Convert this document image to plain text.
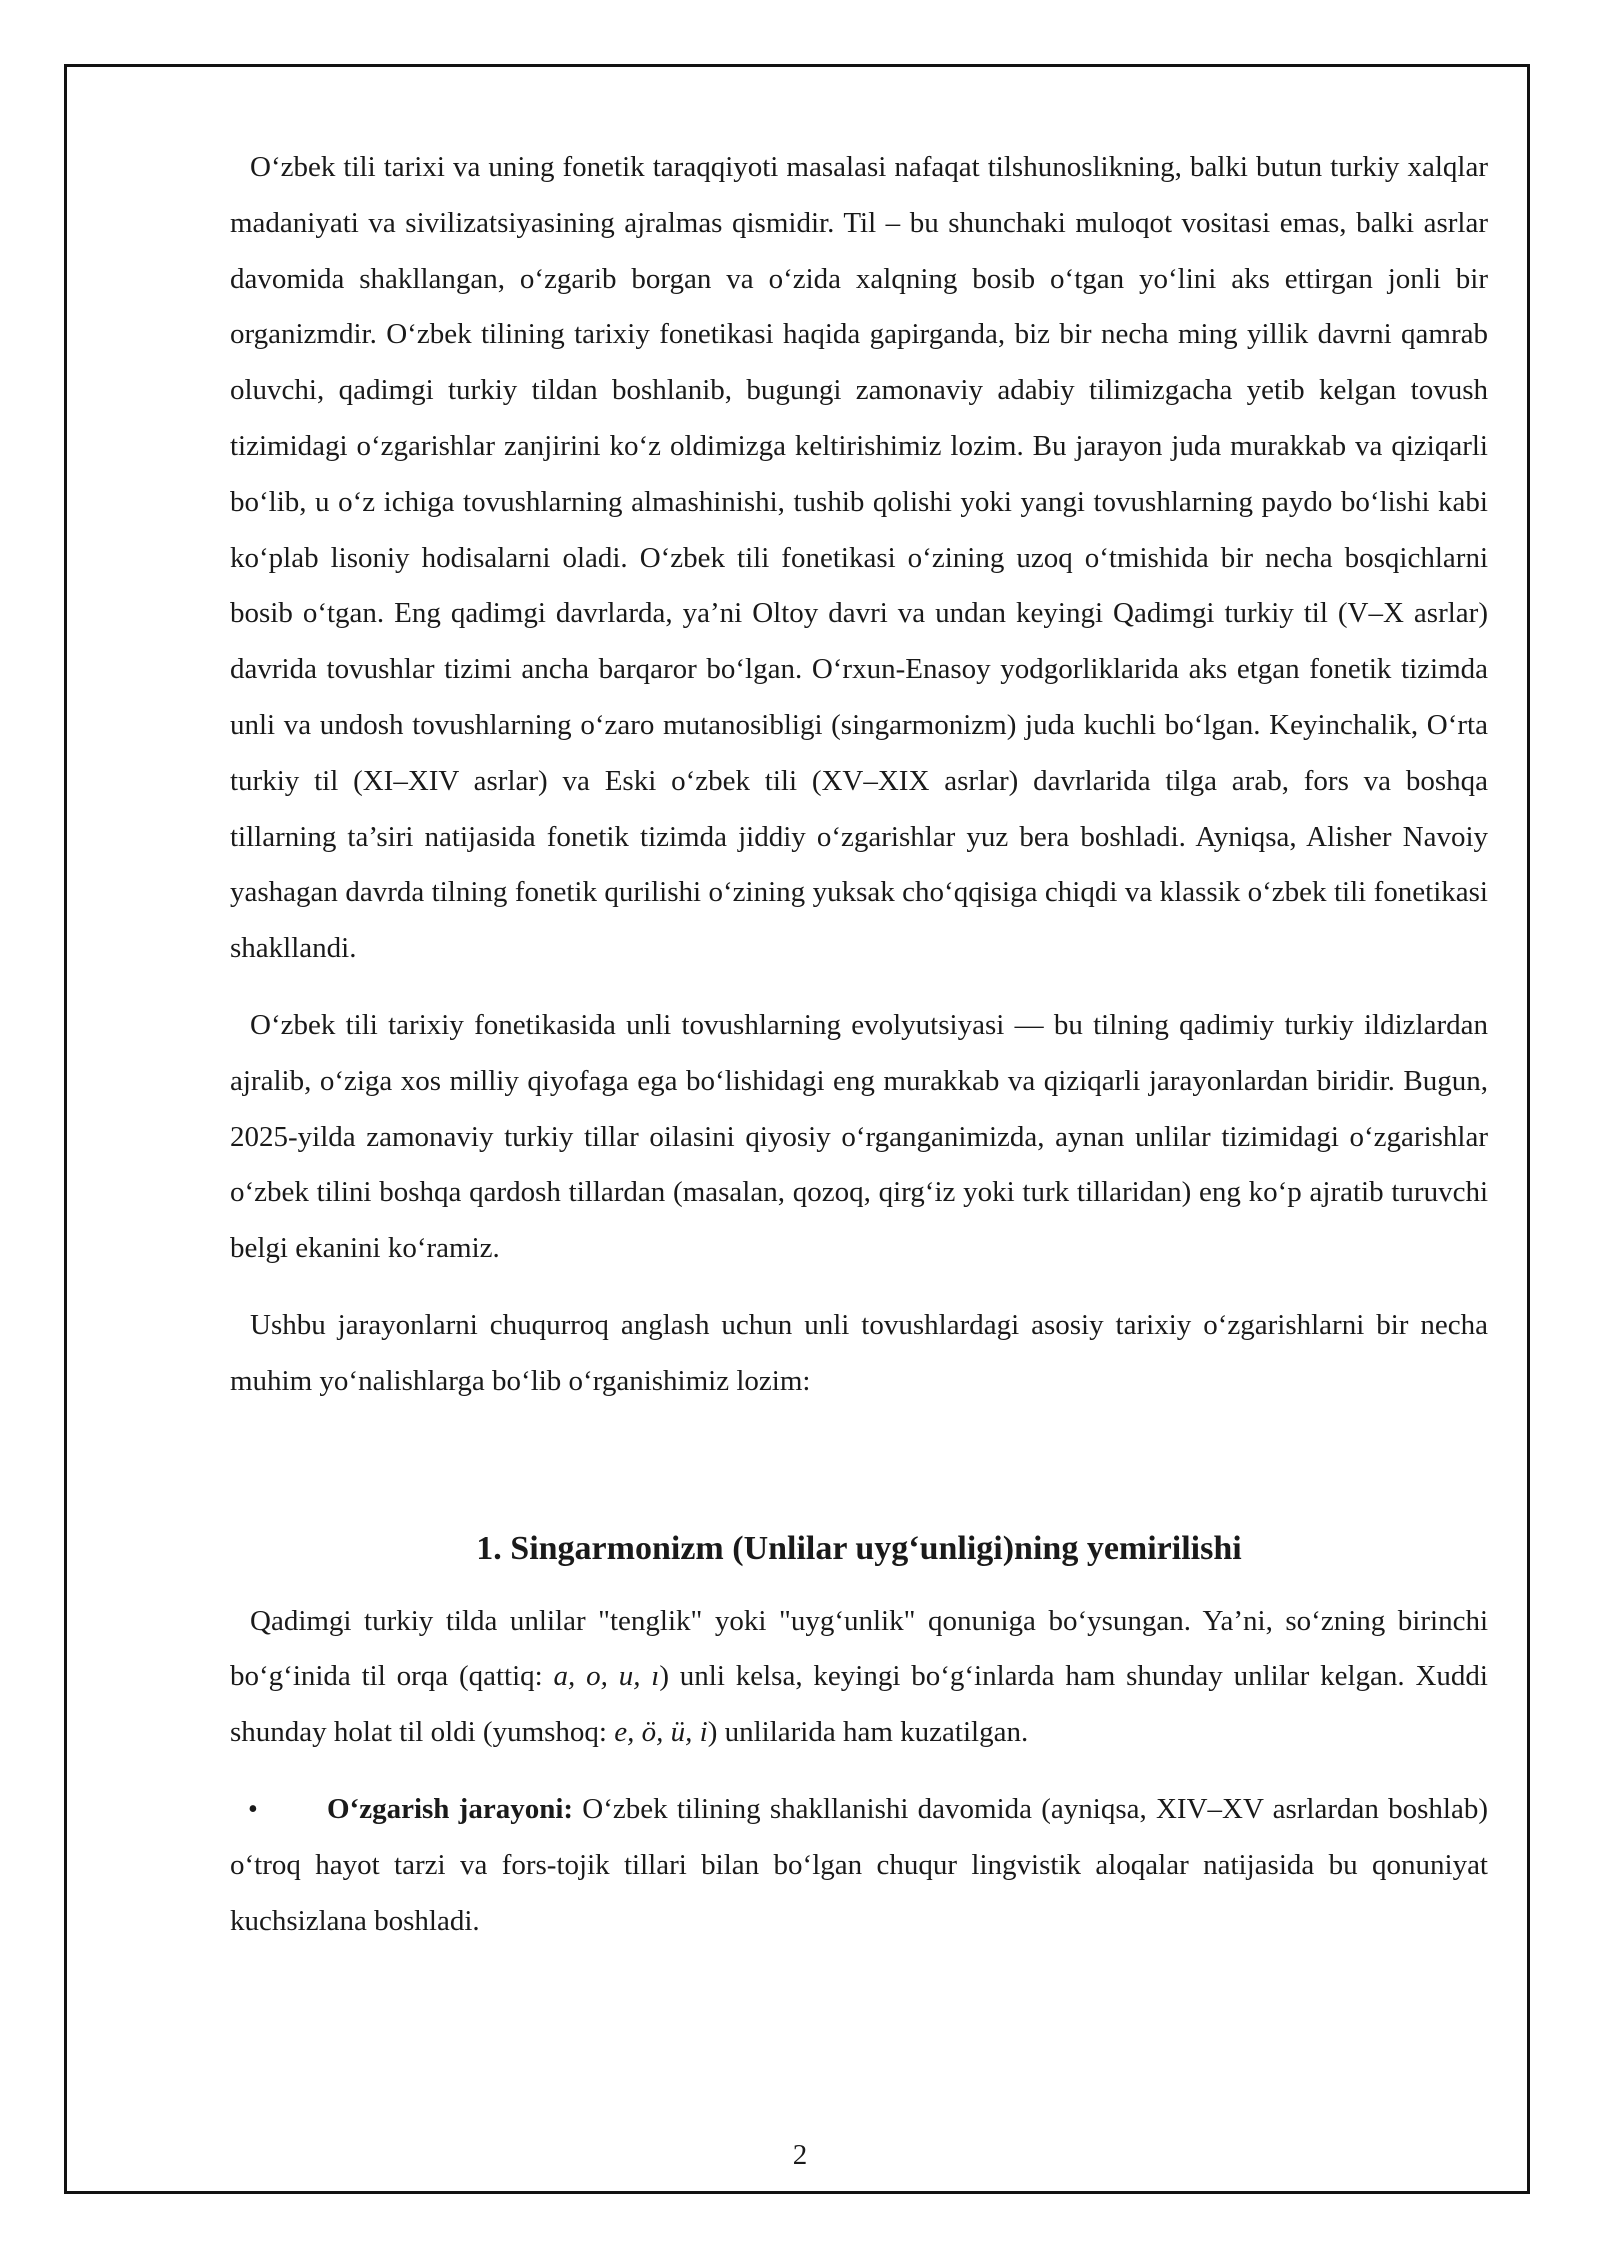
O‘zbek tili tarixi va uning fonetik taraqqiyoti masalasi nafaqat tilshunoslikning, balki butun turkiy xalqlar madaniyati va sivilizatsiyasining ajralmas qismidir. Til – bu shunchaki muloqot vositasi emas, balki asrlar davomida shakllangan, o‘zgarib borgan va o‘zida xalqning bosib o‘tgan yo‘lini aks ettirgan jonli bir organizmdir. O‘zbek tilining tarixiy fonetikasi haqida gapirganda, biz bir necha ming yillik davrni qamrab oluvchi, qadimgi turkiy tildan boshlanib, bugungi zamonaviy adabiy tilimizgacha yetib kelgan tovush tizimidagi o‘zgarishlar zanjirini ko‘z oldimizga keltirishimiz lozim. Bu jarayon juda murakkab va qiziqarli bo‘lib, u o‘z ichiga tovushlarning almashinishi, tushib qolishi yoki yangi tovushlarning paydo bo‘lishi kabi ko‘plab lisoniy hodisalarni oladi. O‘zbek tili fonetikasi o‘zining uzoq o‘tmishida bir necha bosqichlarni bosib o‘tgan. Eng qadimgi davrlarda, ya’ni Oltoy davri va undan keyingi Qadimgi turkiy til (V–X asrlar) davrida tovushlar tizimi ancha barqaror bo‘lgan. O‘rxun-Enasoy yodgorliklarida aks etgan fonetik tizimda unli va undosh tovushlarning o‘zaro mutanosibligi (singarmonizm) juda kuchli bo‘lgan. Keyinchalik, O‘rta turkiy til (XI–XIV asrlar) va Eski o‘zbek tili (XV–XIX asrlar) davrlarida tilga arab, fors va boshqa tillarning ta’siri natijasida fonetik tizimda jiddiy o‘zgarishlar yuz bera boshladi. Ayniqsa, Alisher Navoiy yashagan davrda tilning fonetik qurilishi o‘zining yuksak cho‘qqisiga chiqdi va klassik o‘zbek tili fonetikasi shakllandi.

O‘zbek tili tarixiy fonetikasida unli tovushlarning evolyutsiyasi — bu tilning qadimiy turkiy ildizlardan ajralib, o‘ziga xos milliy qiyofaga ega bo‘lishidagi eng murakkab va qiziqarli jarayonlardan biridir. Bugun, 2025-yilda zamonaviy turkiy tillar oilasini qiyosiy o‘rganganimizda, aynan unlilar tizimidagi o‘zgarishlar o‘zbek tilini boshqa qardosh tillardan (masalan, qozoq, qirg‘iz yoki turk tillaridan) eng ko‘p ajratib turuvchi belgi ekanini ko‘ramiz.

Ushbu jarayonlarni chuqurroq anglash uchun unli tovushlardagi asosiy tarixiy o‘zgarishlarni bir necha muhim yo‘nalishlarga bo‘lib o‘rganishimiz lozim:

1. Singarmonizm (Unlilar uyg‘unligi)ning yemirilishi

Qadimgi turkiy tilda unlilar "tenglik" yoki "uyg‘unlik" qonuniga bo‘ysungan. Ya’ni, so‘zning birinchi bo‘g‘inida til orqa (qattiq: a, o, u, ı) unli kelsa, keyingi bo‘g‘inlarda ham shunday unlilar kelgan. Xuddi shunday holat til oldi (yumshoq: e, ö, ü, i) unlilarida ham kuzatilgan.

• O‘zgarish jarayoni: O‘zbek tilining shakllanishi davomida (ayniqsa, XIV–XV asrlardan boshlab) o‘troq hayot tarzi va fors-tojik tillari bilan bo‘lgan chuqur lingvistik aloqalar natijasida bu qonuniyat kuchsizlana boshladi.

2
